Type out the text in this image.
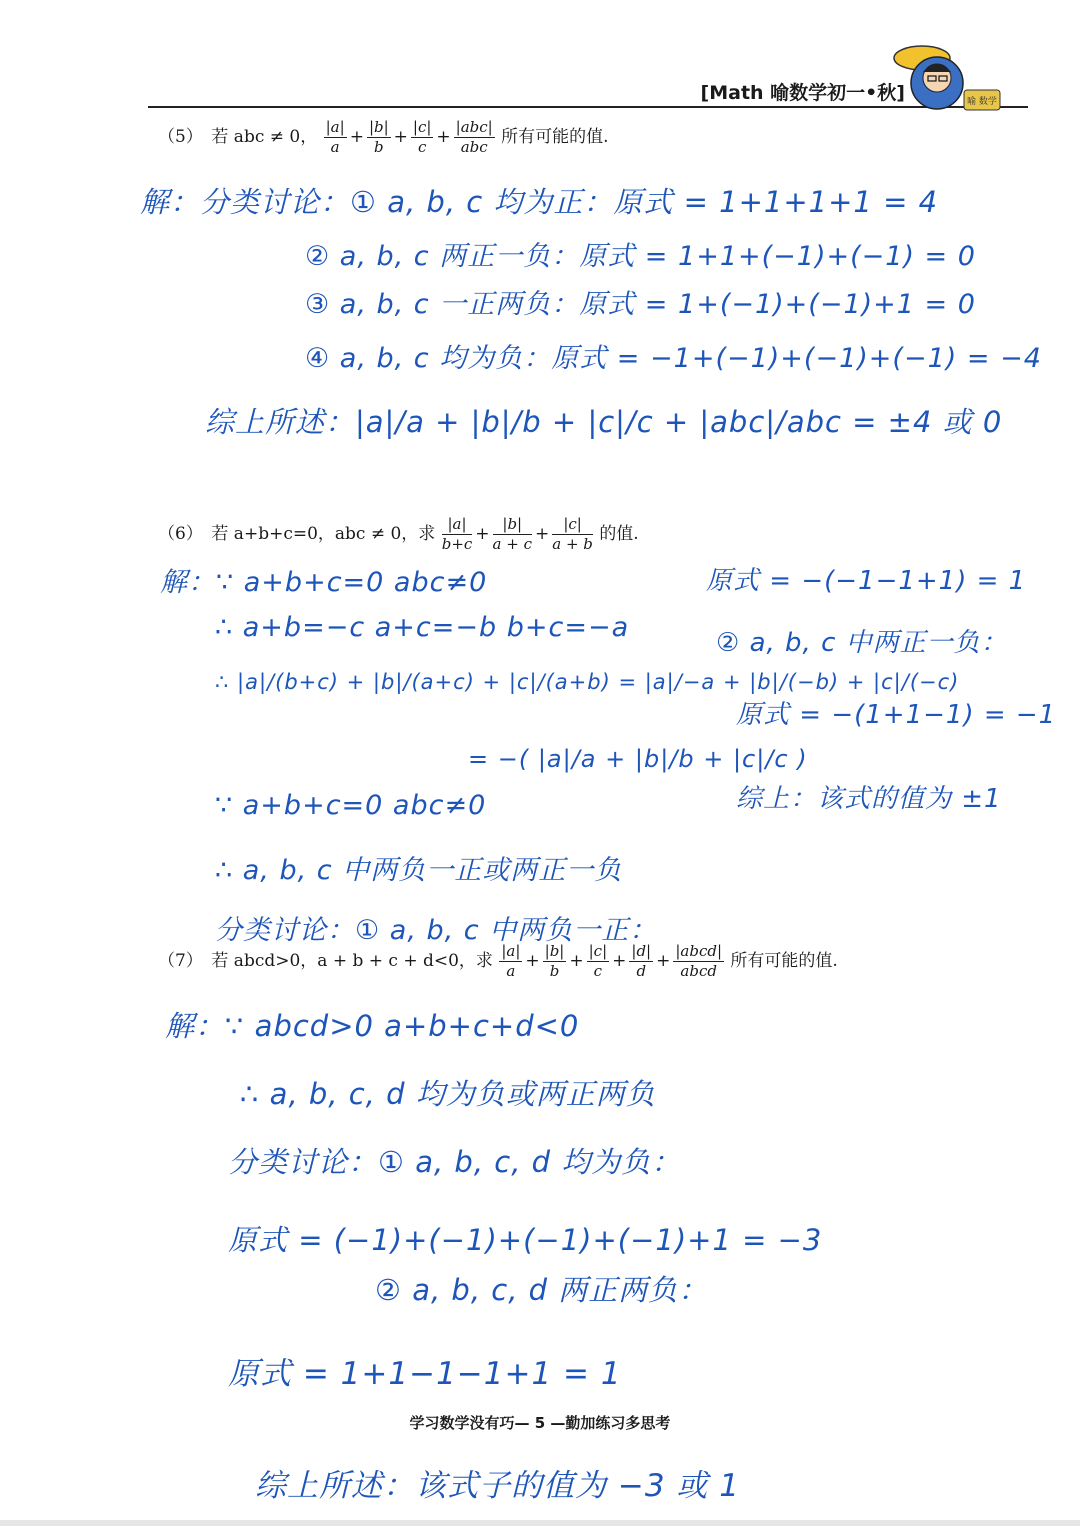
[Math 喻数学初一•秋]	喻 数学
（5） 若 abc ≠ 0， $\frac{|a|}{a} + \frac{|b|}{b} + \frac{|c|}{c} + \frac{\text{|abc|}}{\text{abc}}$ 所有可能的值.
（6） 若 a+b+c=0，abc ≠ 0，求 $\frac{|a|}{b+c} + \frac{|b|}{a + c} + \frac{|c|}{a + b}$ 的值.
（7） 若 abcd>0，a + b + c + d<0，求 $\frac{|a|}{a} + \frac{|b|}{b} + \frac{|c|}{c} + \frac{|d|}{d} + \frac{\text{|abcd|}}{\text{abcd}}$ 所有可能的值.
解：分类讨论：① a, b, c 均为正：原式 = 1+1+1+1 = 4
② a, b, c 两正一负：原式 = 1+1+(−1)+(−1) = 0
③ a, b, c 一正两负：原式 = 1+(−1)+(−1)+1 = 0
④ a, b, c 均为负：原式 = −1+(−1)+(−1)+(−1) = −4
综上所述：|a|/a + |b|/b + |c|/c + |abc|/abc = ±4 或 0
解：∵ a+b+c=0 abc≠0
∴ a+b=−c a+c=−b b+c=−a
∴ |a|/(b+c) + |b|/(a+c) + |c|/(a+b) = |a|/−a + |b|/(−b) + |c|/(−c)
= −( |a|/a + |b|/b + |c|/c )
∵ a+b+c=0 abc≠0
∴ a, b, c 中两负一正或两正一负
分类讨论：① a, b, c 中两负一正：
原式 = −(−1−1+1) = 1
② a, b, c 中两正一负：
原式 = −(1+1−1) = −1
综上：该式的值为 ±1
解：∵ abcd>0 a+b+c+d<0
∴ a, b, c, d 均为负或两正两负
分类讨论：① a, b, c, d 均为负：
原式 = (−1)+(−1)+(−1)+(−1)+1 = −3
② a, b, c, d 两正两负：
原式 = 1+1−1−1+1 = 1
学习数学没有巧— 5 —勤加练习多思考
综上所述：该式子的值为 −3 或 1
